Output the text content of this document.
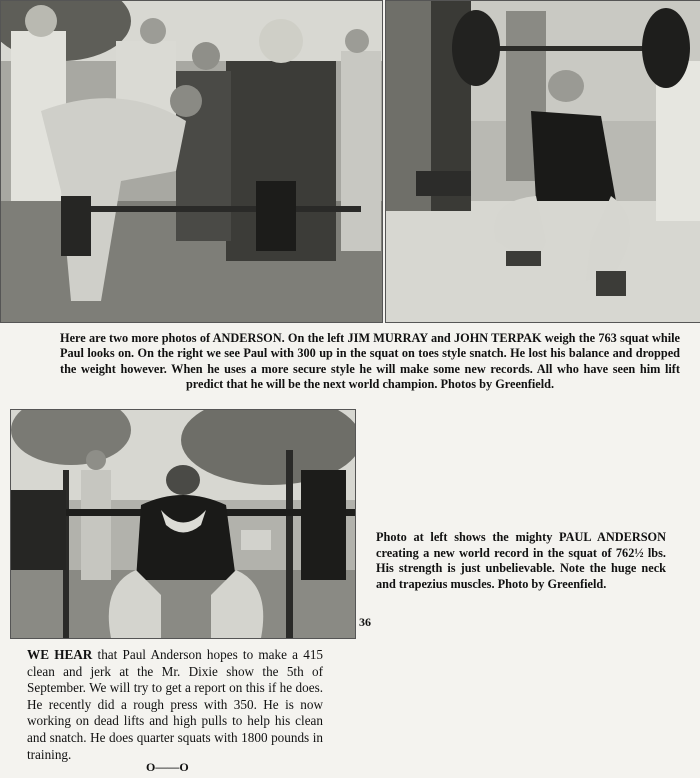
Here are two more photos of ANDERSON. On the left JIM MURRAY and JOHN TERPAK weigh the 763 squat while Paul looks on. On the right we see Paul with 300 up in the squat on toes style snatch. He lost his balance and dropped the weight however. When he uses a more secure style he will make some new records. All who have seen him lift predict that he will be the next world champion. Photos by Greenfield.
Photo at left shows the mighty PAUL ANDERSON creating a new world record in the squat of 762½ lbs. His strength is just unbelievable. Note the huge neck and trapezius muscles. Photo by Greenfield.
36
WE HEAR that Paul Anderson hopes to make a 415 clean and jerk at the Mr. Dixie show the 5th of September. We will try to get a report on this if he does. He recently did a rough press with 350. He is now working on dead lifts and high pulls to help his clean and snatch. He does quarter squats with 1800 pounds in training.
O——O
